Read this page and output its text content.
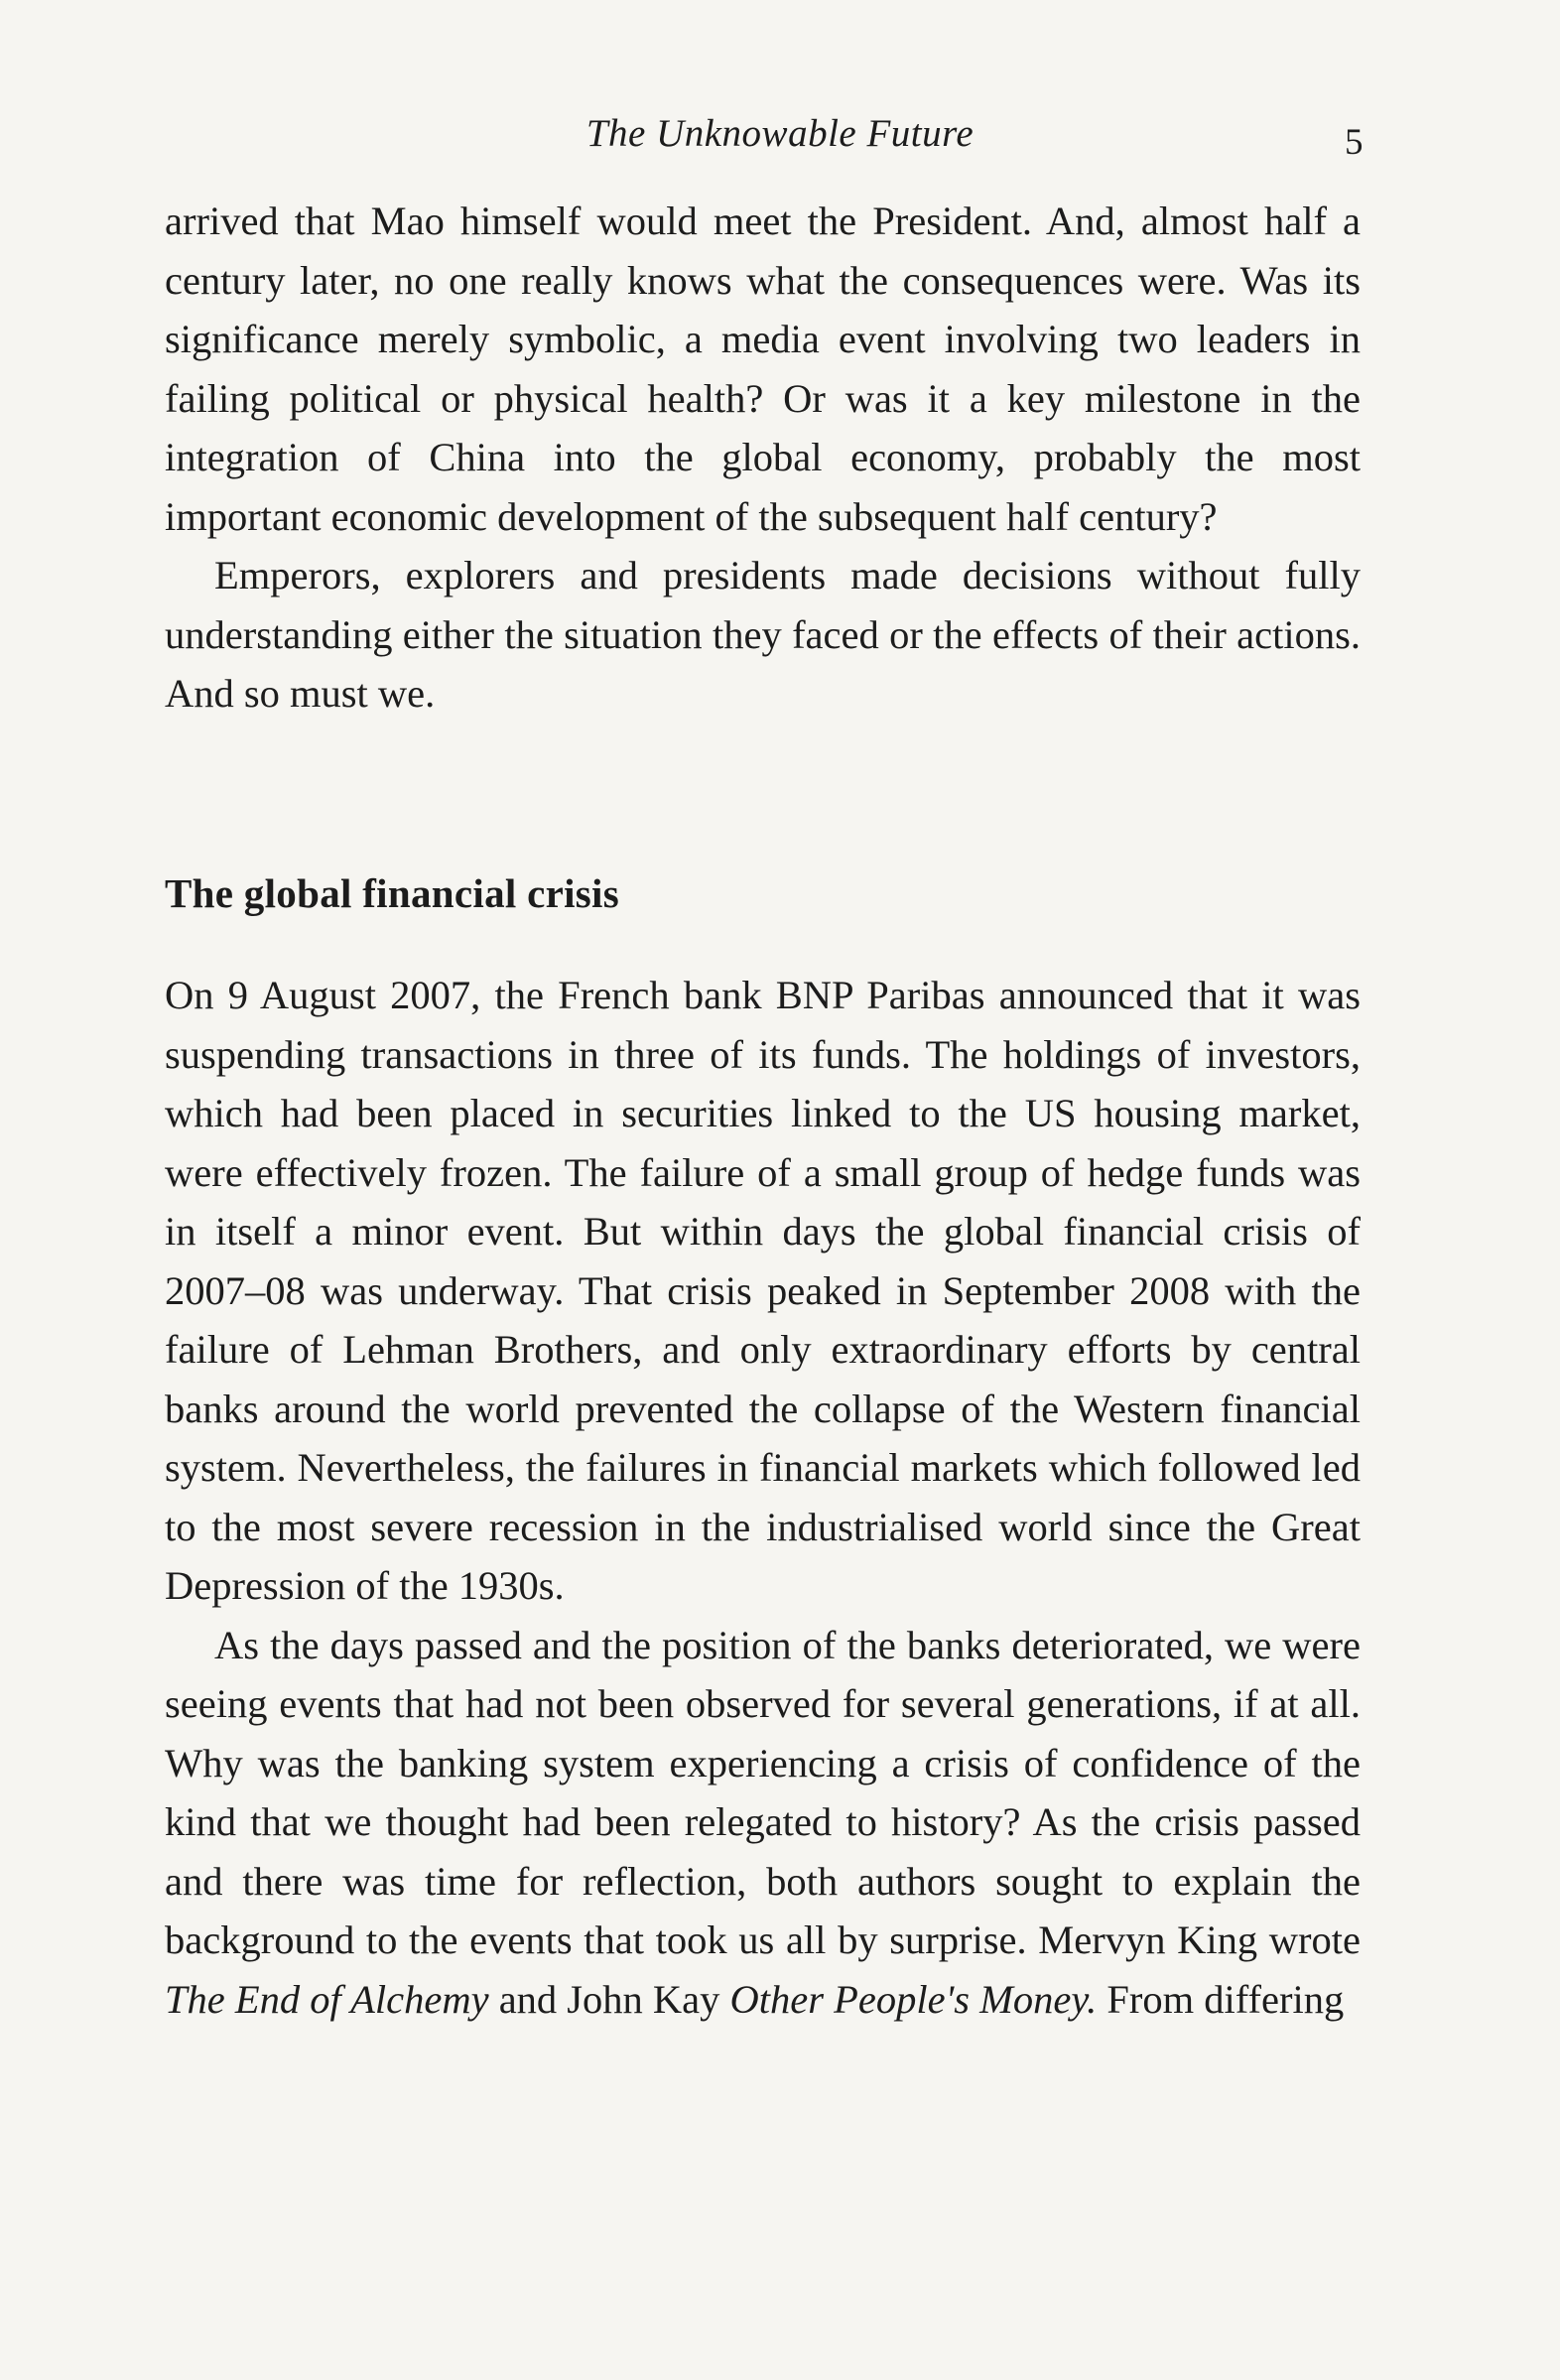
The Unknowable Future	5

arrived that Mao himself would meet the President. And, almost half a century later, no one really knows what the consequences were. Was its significance merely symbolic, a media event involving two leaders in failing political or physical health? Or was it a key milestone in the integration of China into the global economy, probably the most important economic development of the subsequent half century?

Emperors, explorers and presidents made decisions without fully understanding either the situation they faced or the effects of their actions. And so must we.

The global financial crisis

On 9 August 2007, the French bank BNP Paribas announced that it was suspending transactions in three of its funds. The holdings of investors, which had been placed in securities linked to the US housing market, were effectively frozen. The failure of a small group of hedge funds was in itself a minor event. But within days the global financial crisis of 2007–08 was underway. That crisis peaked in September 2008 with the failure of Lehman Brothers, and only extraordinary efforts by central banks around the world prevented the collapse of the Western financial system. Nevertheless, the failures in financial markets which followed led to the most severe recession in the industrialised world since the Great Depression of the 1930s.

As the days passed and the position of the banks deteriorated, we were seeing events that had not been observed for several generations, if at all. Why was the banking system experiencing a crisis of confidence of the kind that we thought had been relegated to history? As the crisis passed and there was time for reflection, both authors sought to explain the background to the events that took us all by surprise. Mervyn King wrote The End of Alchemy and John Kay Other People's Money. From differing
